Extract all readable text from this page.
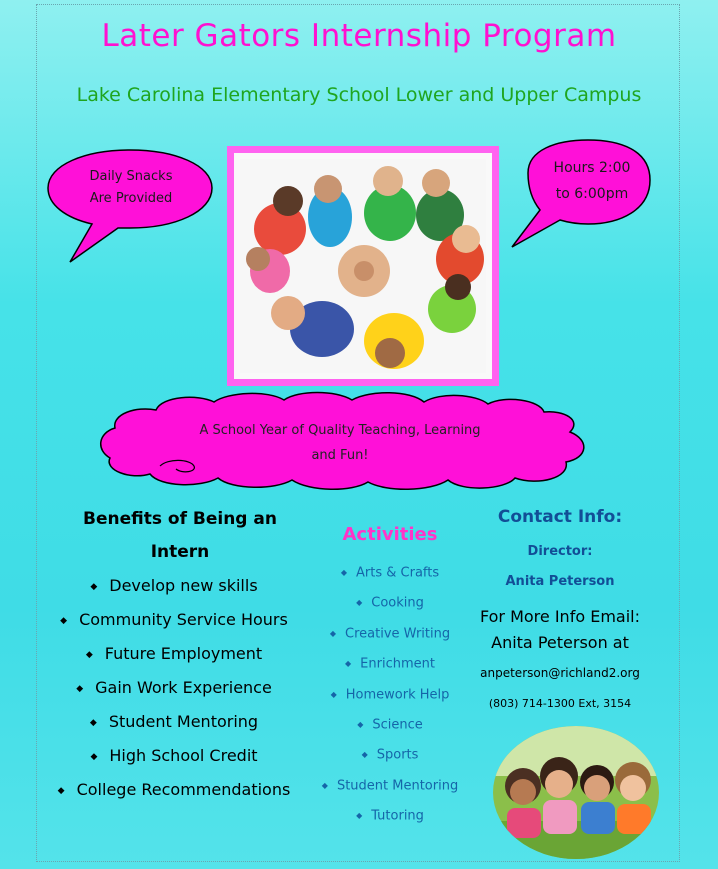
Later Gators Internship Program
Lake Carolina Elementary School Lower and Upper Campus
Daily Snacks
Are Provided
Hours 2:00
to 6:00pm
A School Year of Quality Teaching, Learning
and Fun!
Benefits of Being an
Intern
◆ Develop new skills
◆ Community Service Hours
◆ Future Employment
◆ Gain Work Experience
◆ Student Mentoring
◆ High School Credit
◆ College Recommendations
Activities
◆ Arts & Crafts
◆ Cooking
◆ Creative Writing
◆ Enrichment
◆ Homework Help
◆ Science
◆ Sports
◆ Student Mentoring
◆ Tutoring
Contact Info:
Director:
Anita Peterson
For More Info Email:
Anita Peterson at
anpeterson@richland2.org
(803) 714-1300 Ext, 3154
